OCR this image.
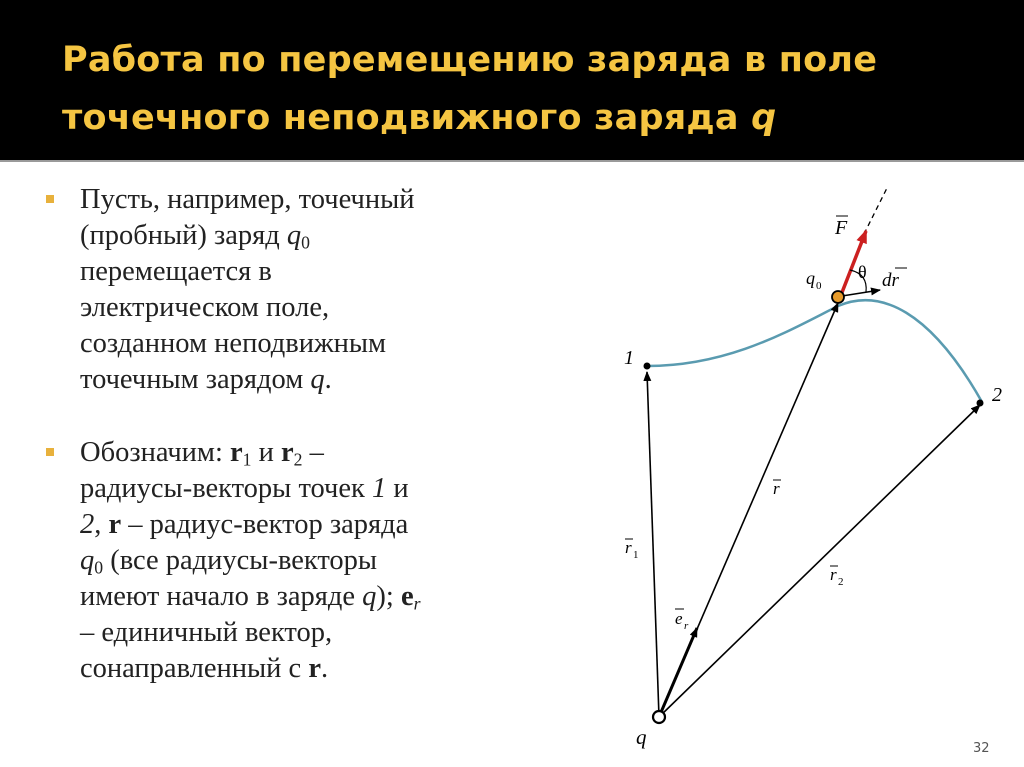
Работа по перемещению заряда в поле
точечного неподвижного заряда q
Пусть, например, точечный
(пробный) заряд $q_0$
перемещается в
электрическом поле,
созданном неподвижным
точечным зарядом q.
Обозначим: $r_1$ и $r_2$ –
радиусы-векторы точек 1 и
2, r – радиус-вектор заряда
$q_0$ (все радиусы-векторы
имеют начало в заряде q); $e_r$
– единичный вектор,
сонаправленный с r.
F
q 0
θ dr
1
2
r
r 1
r 2
e r
q	32
